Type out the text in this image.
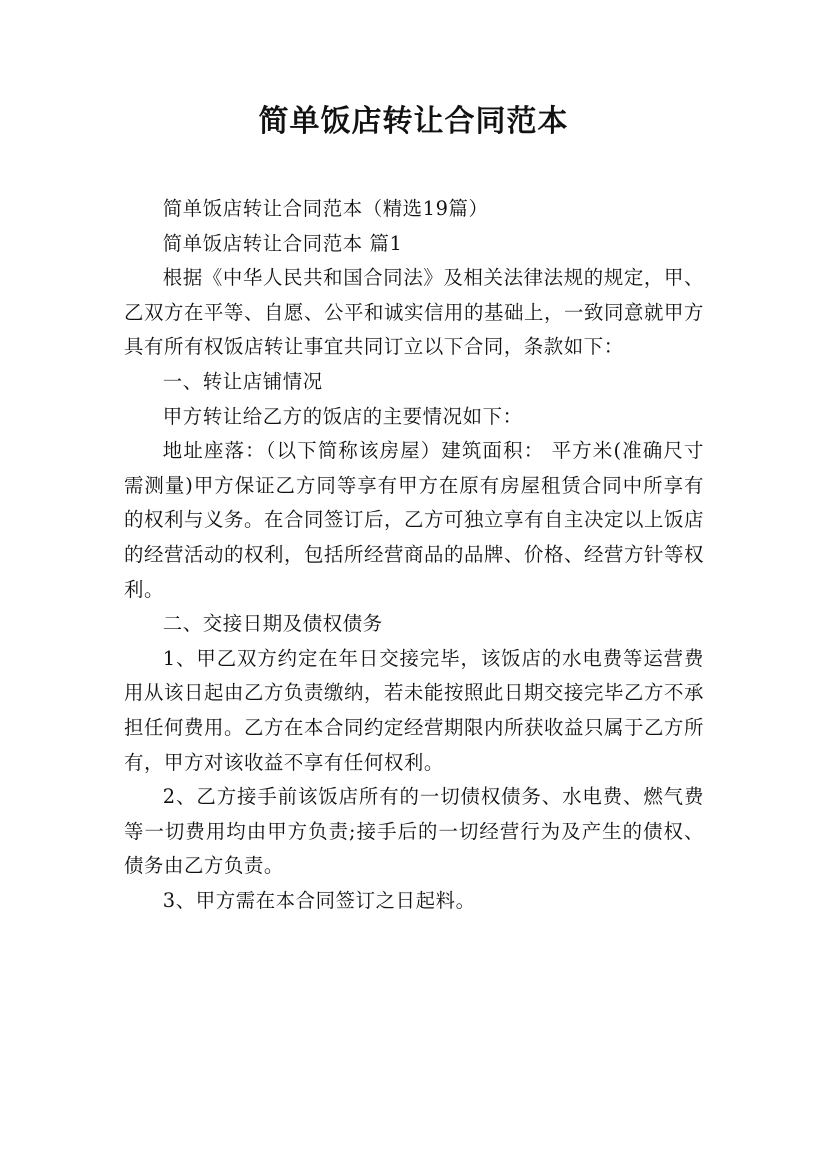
简单饭店转让合同范本

简单饭店转让合同范本（精选19篇）

简单饭店转让合同范本 篇1

根据《中华人民共和国合同法》及相关法律法规的规定，甲、乙双方在平等、自愿、公平和诚实信用的基础上，一致同意就甲方具有所有权饭店转让事宜共同订立以下合同，条款如下：

一、转让店铺情况

甲方转让给乙方的饭店的主要情况如下：

地址座落：（以下简称该房屋）建筑面积： 平方米(准确尺寸需测量)甲方保证乙方同等享有甲方在原有房屋租赁合同中所享有的权利与义务。在合同签订后，乙方可独立享有自主决定以上饭店的经营活动的权利，包括所经营商品的品牌、价格、经营方针等权利。

二、交接日期及债权债务

1、甲乙双方约定在年日交接完毕，该饭店的水电费等运营费用从该日起由乙方负责缴纳，若未能按照此日期交接完毕乙方不承担任何费用。乙方在本合同约定经营期限内所获收益只属于乙方所有，甲方对该收益不享有任何权利。

2、乙方接手前该饭店所有的一切债权债务、水电费、燃气费等一切费用均由甲方负责;接手后的一切经营行为及产生的债权、债务由乙方负责。

3、甲方需在本合同签订之日起料。
